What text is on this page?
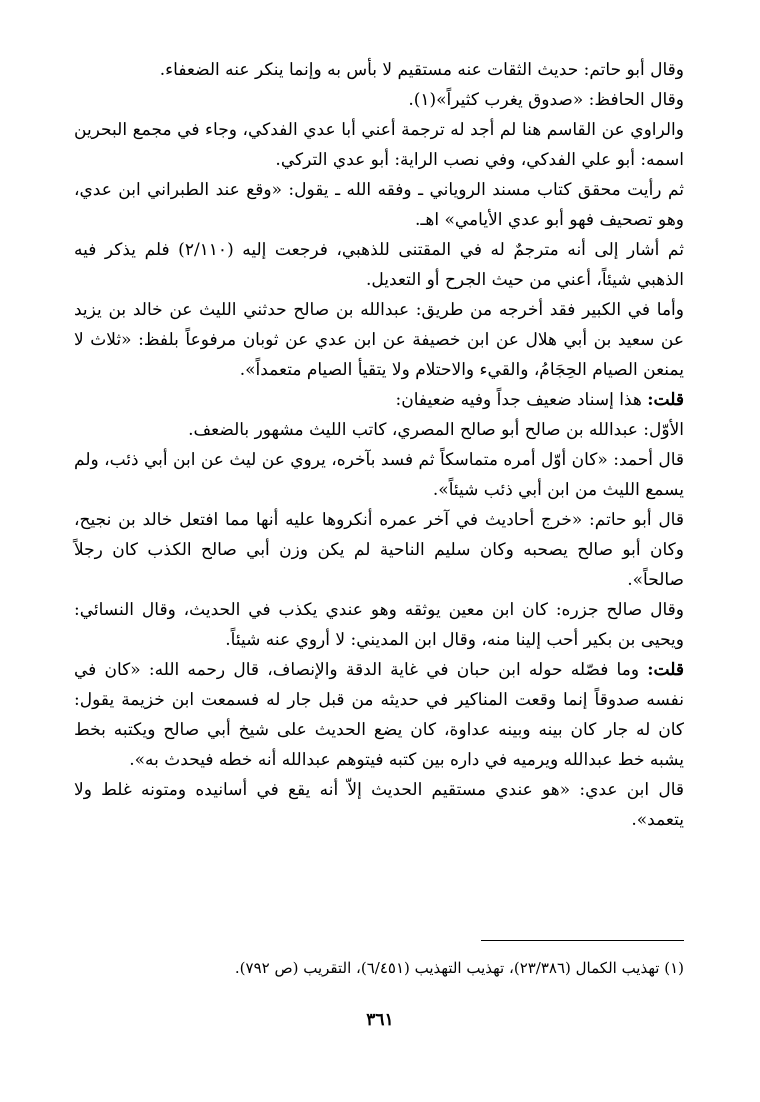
وقال أبو حاتم: حديث الثقات عنه مستقيم لا بأس به وإنما ينكر عنه الضعفاء.

وقال الحافظ: «صدوق يغرب كثيراً»(١).

والراوي عن القاسم هنا لم أجد له ترجمة أعني أبا عدي الفدكي، وجاء في مجمع البحرين اسمه: أبو علي الفدكي، وفي نصب الراية: أبو عدي التركي.

ثم رأيت محقق كتاب مسند الروياني ـ وفقه الله ـ يقول: «وقع عند الطبراني ابن عدي، وهو تصحيف فهو أبو عدي الأيامي» اهـ.

ثم أشار إلى أنه مترجمٌ له في المقتنى للذهبي، فرجعت إليه (٢/١١٠) فلم يذكر فيه الذهبي شيئاً، أعني من حيث الجرح أو التعديل.

وأما في الكبير فقد أخرجه من طريق: عبدالله بن صالح حدثني الليث عن خالد بن يزيد عن سعيد بن أبي هلال عن ابن خصيفة عن ابن عدي عن ثوبان مرفوعاً بلفظ: «ثلاث لا يمنعن الصيام الحِجَامُ، والقيء والاحتلام ولا يتقيأ الصيام متعمداً».

قلت: هذا إسناد ضعيف جداً وفيه ضعيفان:

الأوّل: عبدالله بن صالح أبو صالح المصري، كاتب الليث مشهور بالضعف.

قال أحمد: «كان أوّل أمره متماسكاً ثم فسد بآخره، يروي عن ليث عن ابن أبي ذئب، ولم يسمع الليث من ابن أبي ذئب شيئاً».

قال أبو حاتم: «خرج أحاديث في آخر عمره أنكروها عليه أنها مما افتعل خالد بن نجيح، وكان أبو صالح يصحبه وكان سليم الناحية لم يكن وزن أبي صالح الكذب كان رجلاً صالحاً».

وقال صالح جزره: كان ابن معين يوثقه وهو عندي يكذب في الحديث، وقال النسائي: ويحيى بن بكير أحب إلينا منه، وقال ابن المديني: لا أروي عنه شيئاً.

قلت: وما فصّله حوله ابن حبان في غاية الدقة والإنصاف، قال رحمه الله: «كان في نفسه صدوقاً إنما وقعت المناكير في حديثه من قبل جار له فسمعت ابن خزيمة يقول: كان له جار كان بينه وبينه عداوة، كان يضع الحديث على شيخ أبي صالح ويكتبه بخط يشبه خط عبدالله ويرميه في داره بين كتبه فيتوهم عبدالله أنه خطه فيحدث به».

قال ابن عدي: «هو عندي مستقيم الحديث إلاّ أنه يقع في أسانيده ومتونه غلط ولا يتعمد».

(١) تهذيب الكمال (٢٣/٣٨٦)، تهذيب التهذيب (٦/٤٥١)، التقريب (ص ٧٩٢).
٣٦١
